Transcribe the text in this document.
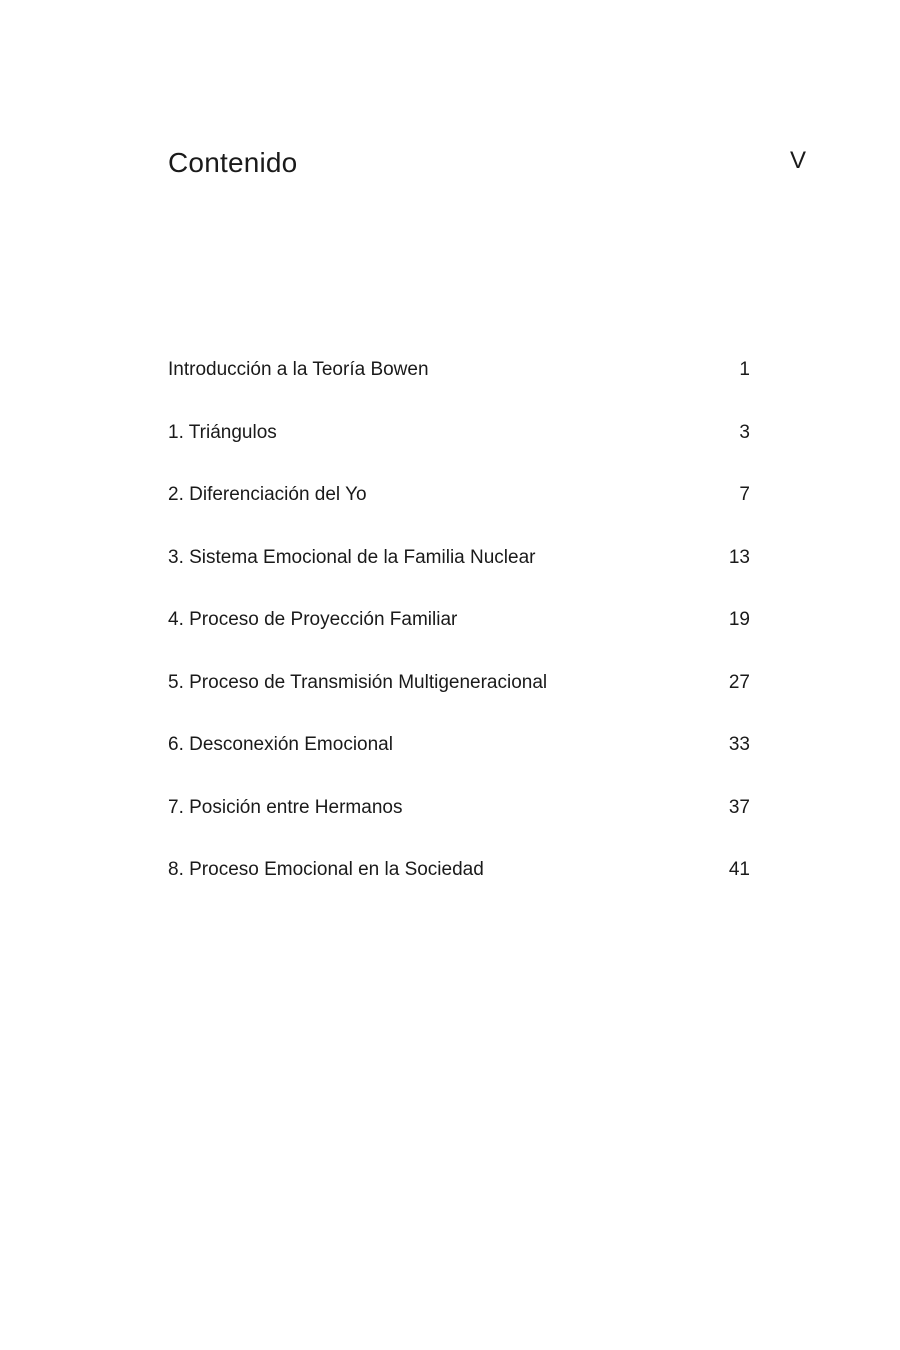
Contenido	V
Introducción a la Teoría Bowen	1
1. Triángulos	3
2. Diferenciación del Yo	7
3. Sistema Emocional de la Familia Nuclear	13
4. Proceso de Proyección Familiar	19
5. Proceso de Transmisión Multigeneracional	27
6. Desconexión Emocional	33
7. Posición entre Hermanos	37
8. Proceso Emocional en la Sociedad	41
